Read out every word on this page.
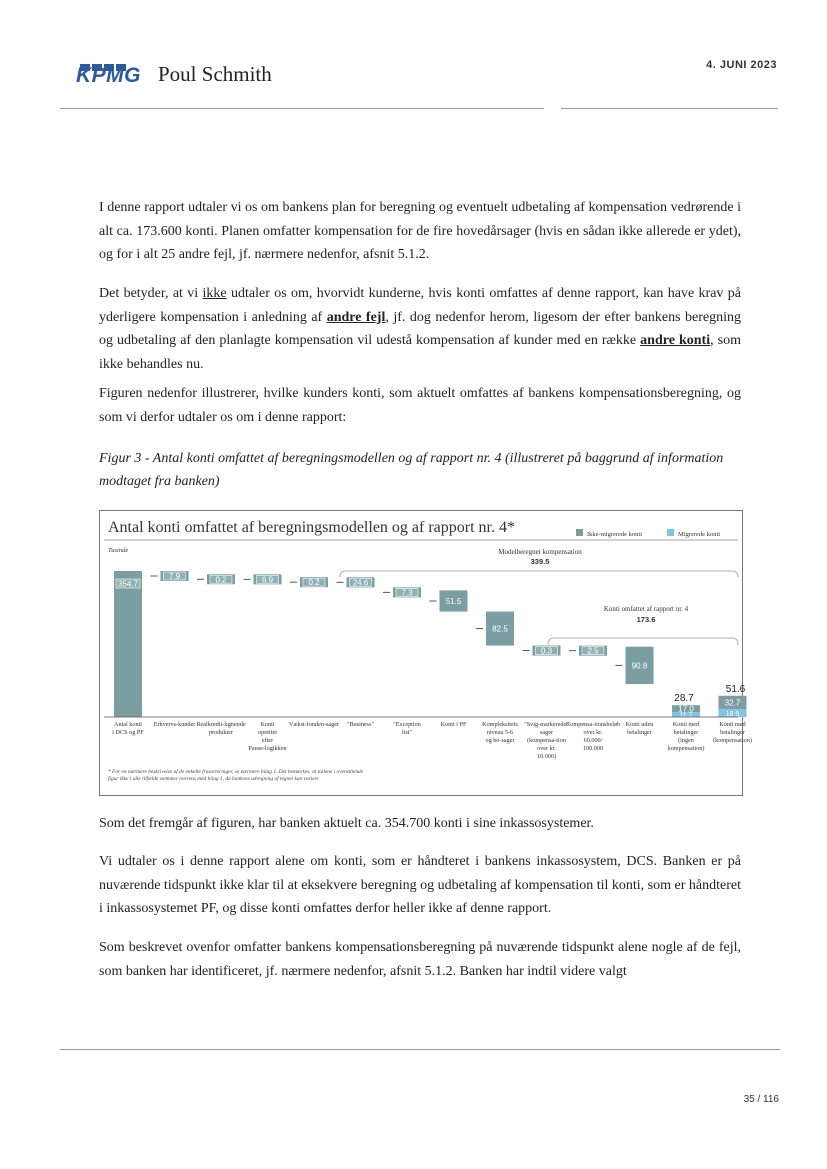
KPMG Poul Schmith	4. JUNI 2023
I denne rapport udtaler vi os om bankens plan for beregning og eventuelt udbetaling af kompensation vedrørende i alt ca. 173.600 konti. Planen omfatter kompensation for de fire hovedårsager (hvis en sådan ikke allerede er ydet), og for i alt 25 andre fejl, jf. nærmere nedenfor, afsnit 5.1.2.
Det betyder, at vi ikke udtaler os om, hvorvidt kunderne, hvis konti omfattes af denne rapport, kan have krav på yderligere kompensation i anledning af andre fejl, jf. dog nedenfor herom, ligesom der efter bankens beregning og udbetaling af den planlagte kompensation vil udestå kompensation af kunder med en række andre konti, som ikke behandles nu.
Figuren nedenfor illustrerer, hvilke kunders konti, som aktuelt omfattes af bankens kompensationsberegning, og som vi derfor udtaler os om i denne rapport:
Figur 3 - Antal konti omfattet af beregningsmodellen og af rapport nr. 4 (illustreret på baggrund af information modtaget fra banken)
Antal konti omfattet af beregningsmodellen og af rapport nr. 4*	Ikke-migrerede konti	Migrerede konti
Tusinde
354.7
Antal konti i DCS og PF
7.9
Erhvervs-kunder
0.2
Realkredit-lignende produkter
6.9
Konti oprettet efter Pause-logikken
0.2
Vækst-fonden-sager
24.6
"Business"
7.3
"Exception list"
51.5
Konti i PF
82.5
Kompleksitets niveau 5-6 og bo-sager
0.3
"Svig-markerede" sager (kompensa-tion over kr. 10.000)
2.5
Kompensa-tionsbeløb over kr. 60.000/ 100.000
90.8
Konti uden betalinger
17.0
11.7
28.7
Konti med betalinger (ingen kompensation)
32.7
18.9
51.6
Konti med betalinger (kompensation)
Modelberegnet kompensation
339.5
Konti omfattet af rapport nr. 4
173.6
* For en nærmere beskrivelse af de enkelte frasorteringer, se nærmere bilag 1. Det bemærkes, at tallene i ovenstående figur ikke i alle tilfælde stemmer overens med bilag 1, da bankens udregning af tegnet kan variere
Som det fremgår af figuren, har banken aktuelt ca. 354.700 konti i sine inkassosystemer.
Vi udtaler os i denne rapport alene om konti, som er håndteret i bankens inkassosystem, DCS. Banken er på nuværende tidspunkt ikke klar til at eksekvere beregning og udbetaling af kompensation til konti, som er håndteret i inkassosystemet PF, og disse konti omfattes derfor heller ikke af denne rapport.
Som beskrevet ovenfor omfatter bankens kompensationsberegning på nuværende tidspunkt alene nogle af de fejl, som banken har identificeret, jf. nærmere nedenfor, afsnit 5.1.2. Banken har indtil videre valgt
35 / 116
